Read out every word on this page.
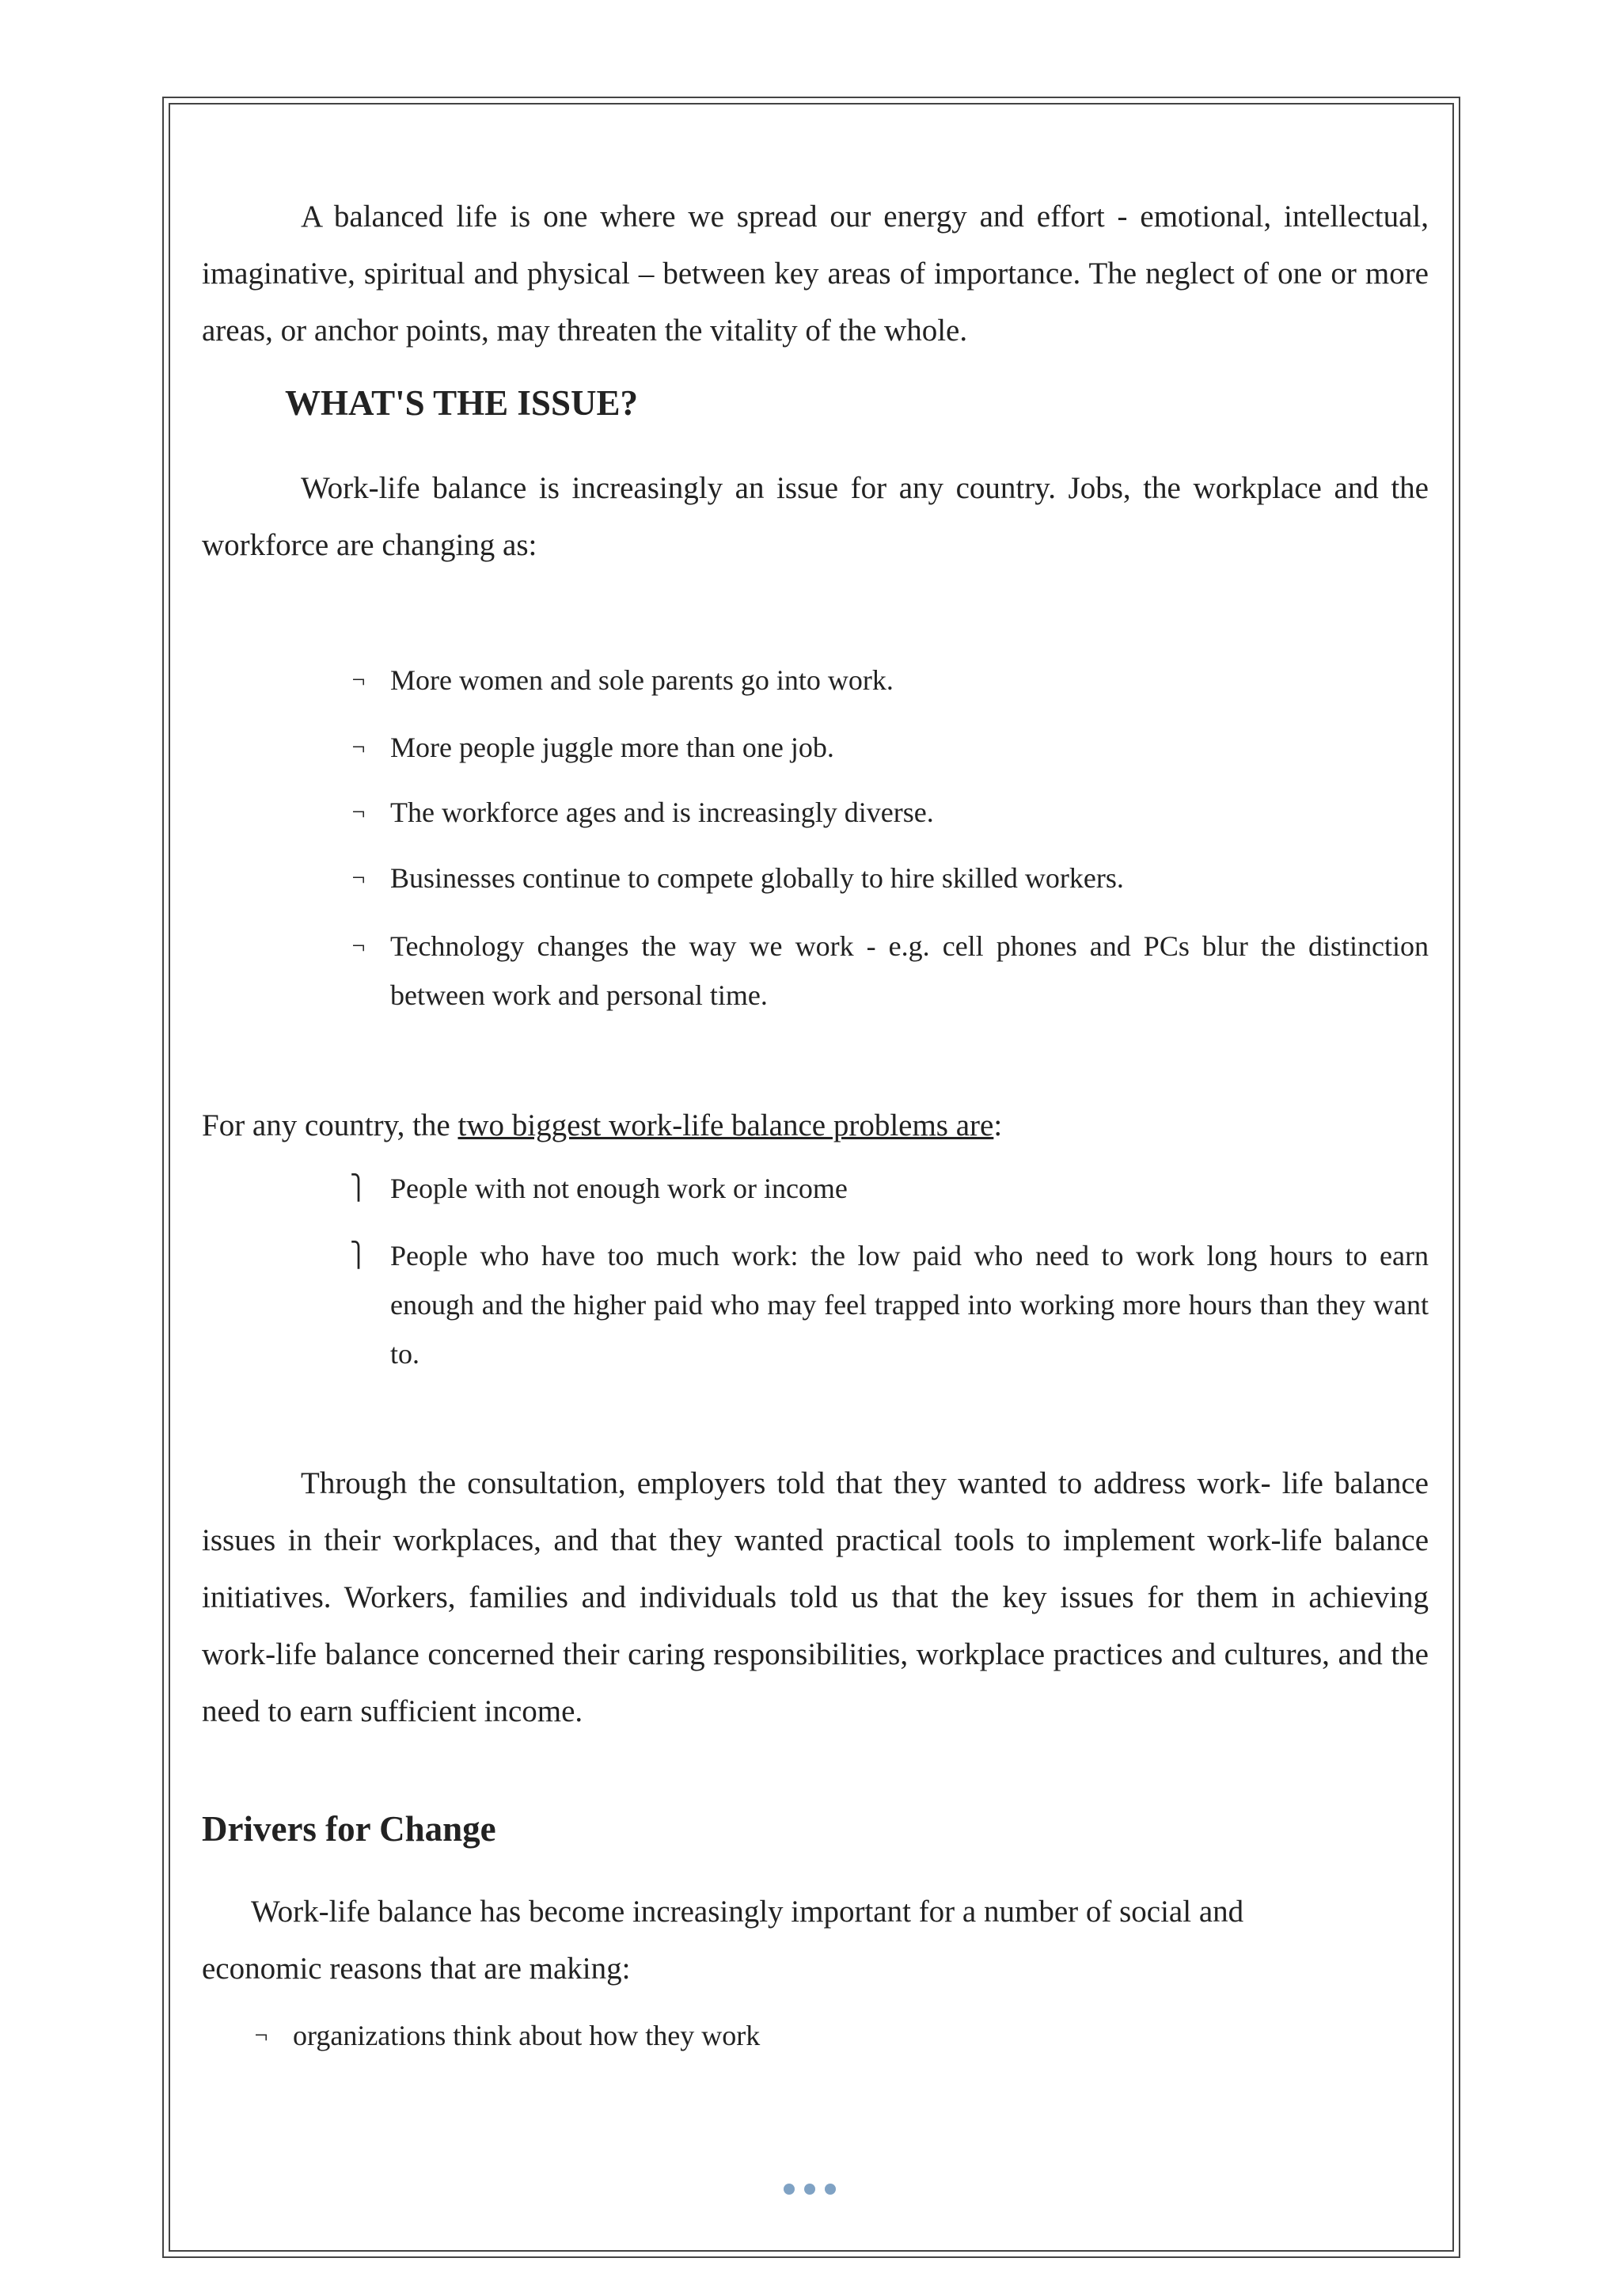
A balanced life is one where we spread our energy and effort - emotional, intellectual, imaginative, spiritual and physical – between key areas of importance. The neglect of one or more areas, or anchor points, may threaten the vitality of the whole.

WHAT'S THE ISSUE?

Work-life balance is increasingly an issue for any country. Jobs, the workplace and the workforce are changing as:

¬ More women and sole parents go into work.
¬ More people juggle more than one job.
¬ The workforce ages and is increasingly diverse.
¬ Businesses continue to compete globally to hire skilled workers.
¬ Technology changes the way we work - e.g. cell phones and PCs blur the distinction between work and personal time.

For any country, the two biggest work-life balance problems are:

⎫ People with not enough work or income
⎫ People who have too much work: the low paid who need to work long hours to earn enough and the higher paid who may feel trapped into working more hours than they want to.

Through the consultation, employers told that they wanted to address work- life balance issues in their workplaces, and that they wanted practical tools to implement work-life balance initiatives. Workers, families and individuals told us that the key issues for them in achieving work-life balance concerned their caring responsibilities, workplace practices and cultures, and the need to earn sufficient income.

Drivers for Change

Work-life balance has become increasingly important for a number of social and economic reasons that are making:

¬ organizations think about how they work
